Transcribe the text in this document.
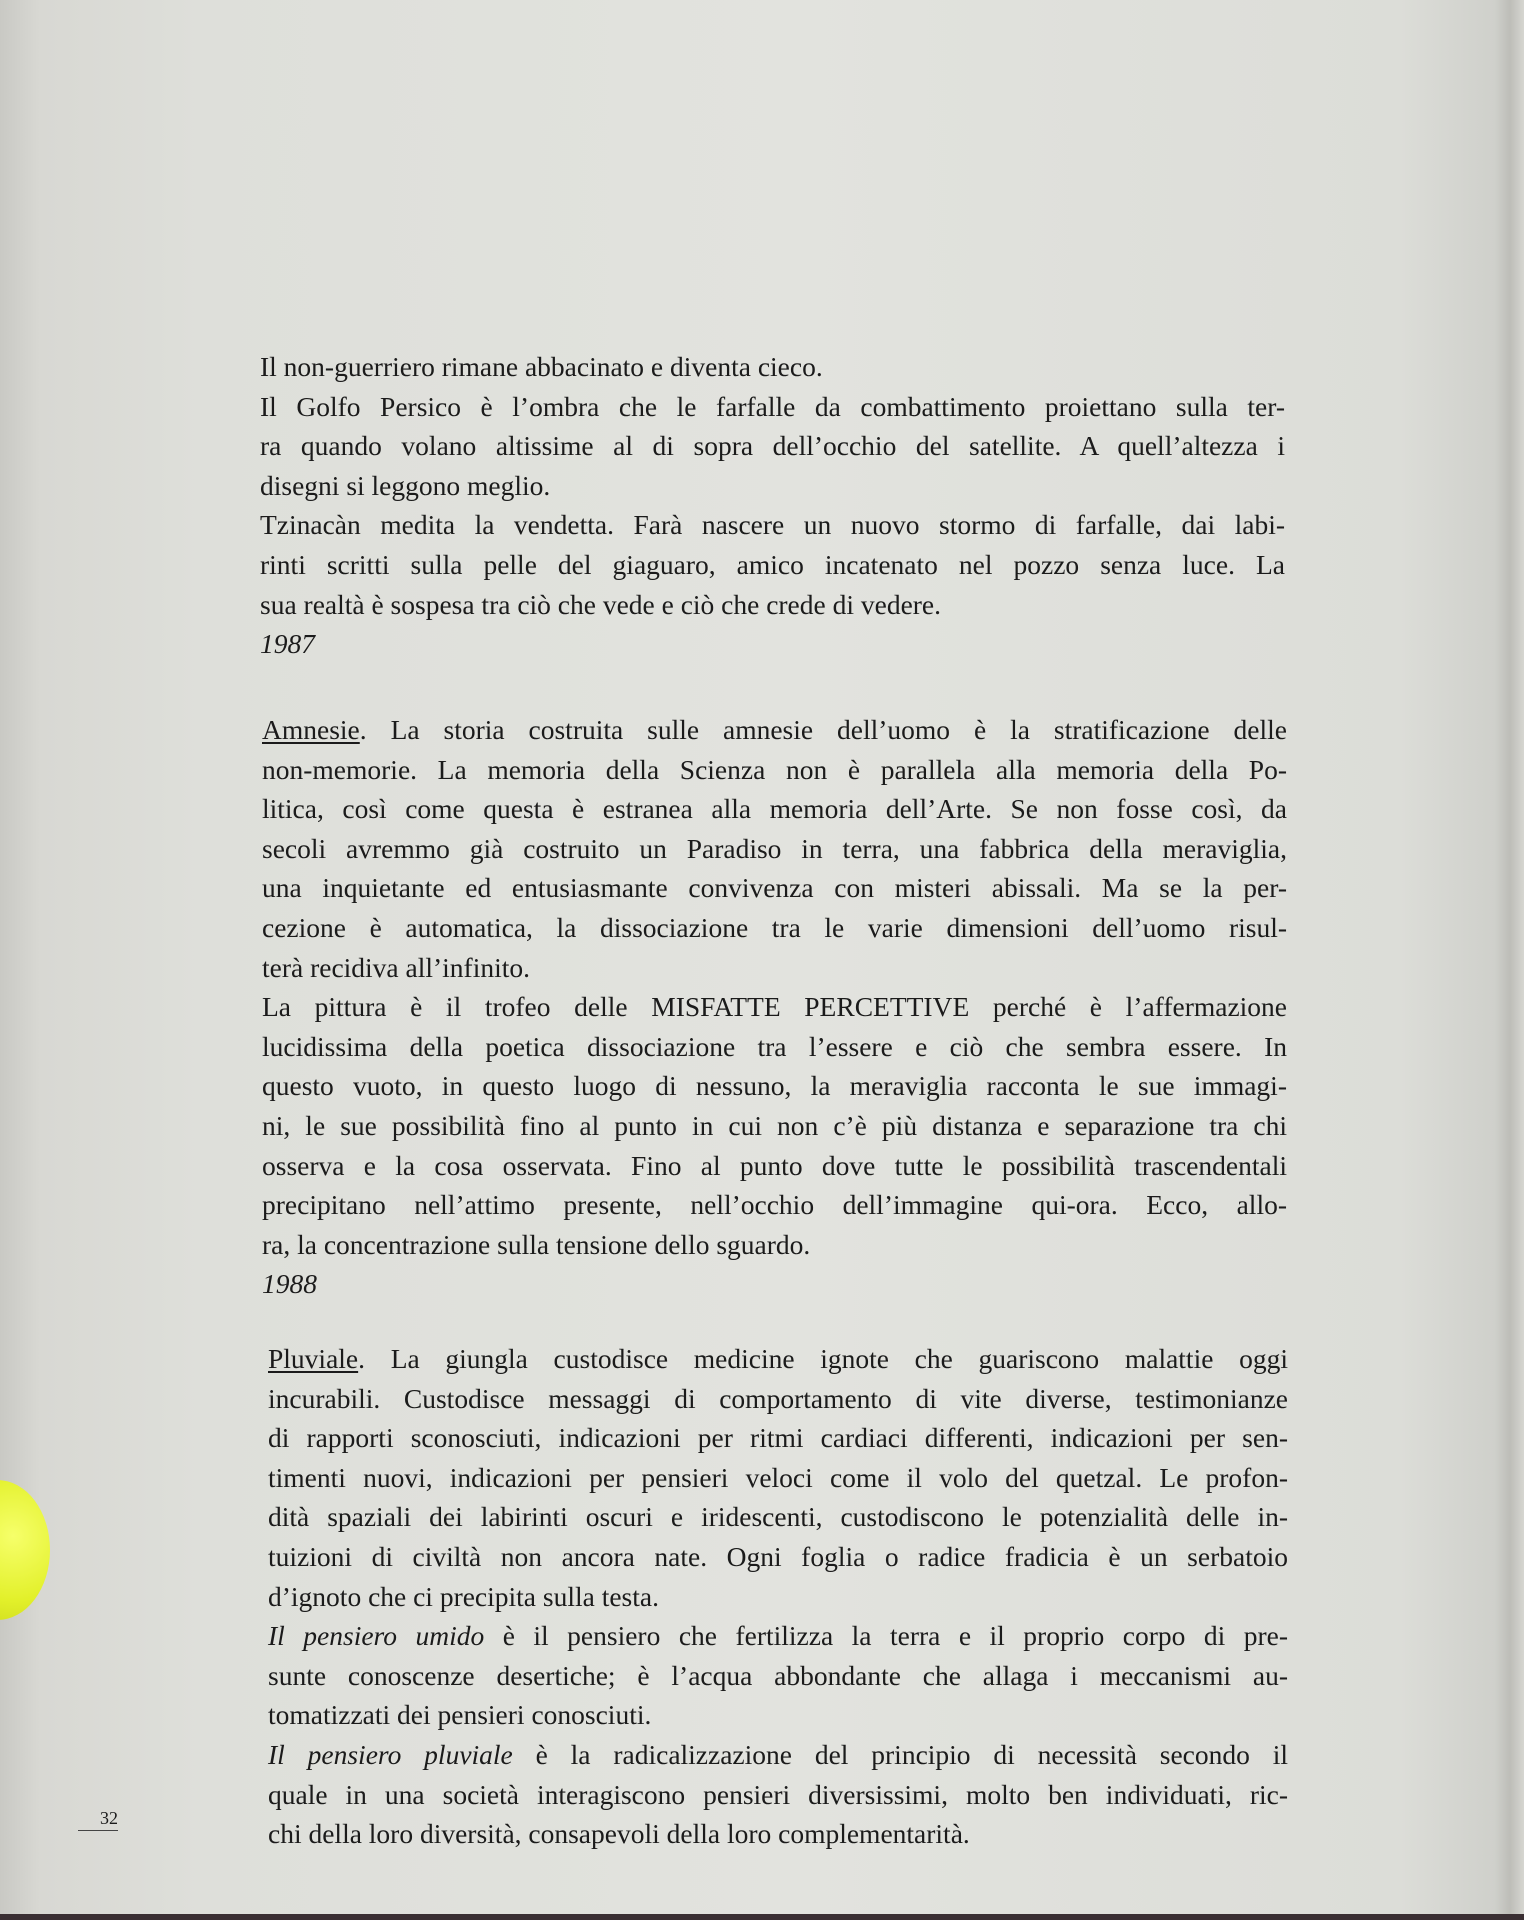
Il non-guerriero rimane abbacinato e diventa cieco.
Il Golfo Persico è l’ombra che le farfalle da combattimento proiettano sulla ter-
ra quando volano altissime al di sopra dell’occhio del satellite. A quell’altezza i
disegni si leggono meglio.
Tzinacàn medita la vendetta. Farà nascere un nuovo stormo di farfalle, dai labi-
rinti scritti sulla pelle del giaguaro, amico incatenato nel pozzo senza luce. La
sua realtà è sospesa tra ciò che vede e ciò che crede di vedere.
1987
Amnesie. La storia costruita sulle amnesie dell’uomo è la stratificazione delle
non-memorie. La memoria della Scienza non è parallela alla memoria della Po-
litica, così come questa è estranea alla memoria dell’Arte. Se non fosse così, da
secoli avremmo già costruito un Paradiso in terra, una fabbrica della meraviglia,
una inquietante ed entusiasmante convivenza con misteri abissali. Ma se la per-
cezione è automatica, la dissociazione tra le varie dimensioni dell’uomo risul-
terà recidiva all’infinito.
La pittura è il trofeo delle MISFATTE PERCETTIVE perché è l’affermazione
lucidissima della poetica dissociazione tra l’essere e ciò che sembra essere. In
questo vuoto, in questo luogo di nessuno, la meraviglia racconta le sue immagi-
ni, le sue possibilità fino al punto in cui non c’è più distanza e separazione tra chi
osserva e la cosa osservata. Fino al punto dove tutte le possibilità trascendentali
precipitano nell’attimo presente, nell’occhio dell’immagine qui-ora. Ecco, allo-
ra, la concentrazione sulla tensione dello sguardo.
1988
Pluviale. La giungla custodisce medicine ignote che guariscono malattie oggi
incurabili. Custodisce messaggi di comportamento di vite diverse, testimonianze
di rapporti sconosciuti, indicazioni per ritmi cardiaci differenti, indicazioni per sen-
timenti nuovi, indicazioni per pensieri veloci come il volo del quetzal. Le profon-
dità spaziali dei labirinti oscuri e iridescenti, custodiscono le potenzialità delle in-
tuizioni di civiltà non ancora nate. Ogni foglia o radice fradicia è un serbatoio
d’ignoto che ci precipita sulla testa.
Il pensiero umido è il pensiero che fertilizza la terra e il proprio corpo di pre-
sunte conoscenze desertiche; è l’acqua abbondante che allaga i meccanismi au-
tomatizzati dei pensieri conosciuti.
Il pensiero pluviale è la radicalizzazione del principio di necessità secondo il
quale in una società interagiscono pensieri diversissimi, molto ben individuati, ric-
chi della loro diversità, consapevoli della loro complementarità.
32
